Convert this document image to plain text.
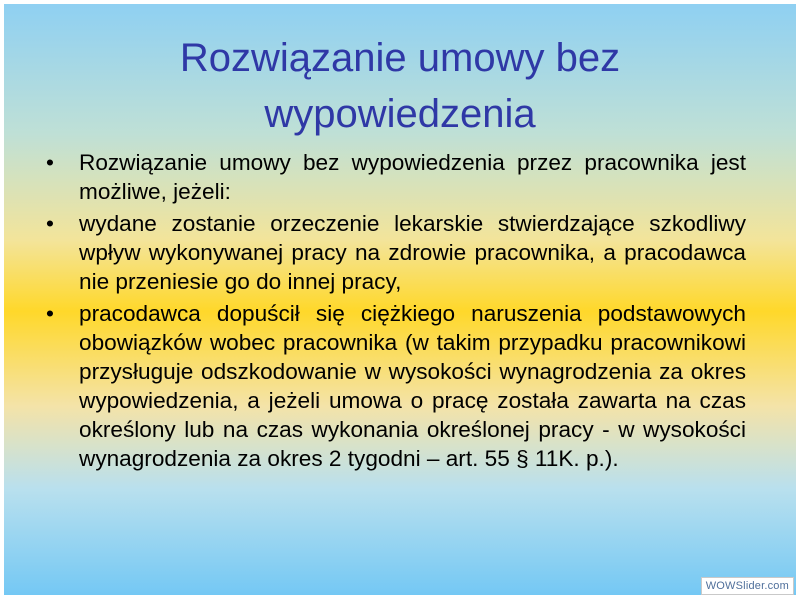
Rozwiązanie umowy bez wypowiedzenia
•	Rozwiązanie umowy bez wypowiedzenia przez pracownika jest możliwe, jeżeli:
•	wydane zostanie orzeczenie lekarskie stwierdzające szkodliwy wpływ wykonywanej pracy na zdrowie pracownika, a pracodawca nie przeniesie go do innej pracy,
•	pracodawca dopuścił się ciężkiego naruszenia podstawowych obowiązków wobec pracownika (w takim przypadku pracownikowi przysługuje odszkodowanie w wysokości wynagrodzenia za okres wypowiedzenia, a jeżeli umowa o pracę została zawarta na czas określony lub na czas wykonania określonej pracy - w wysokości wynagrodzenia za okres 2 tygodni – art. 55 § 11K. p.).
WOWSlider.com
